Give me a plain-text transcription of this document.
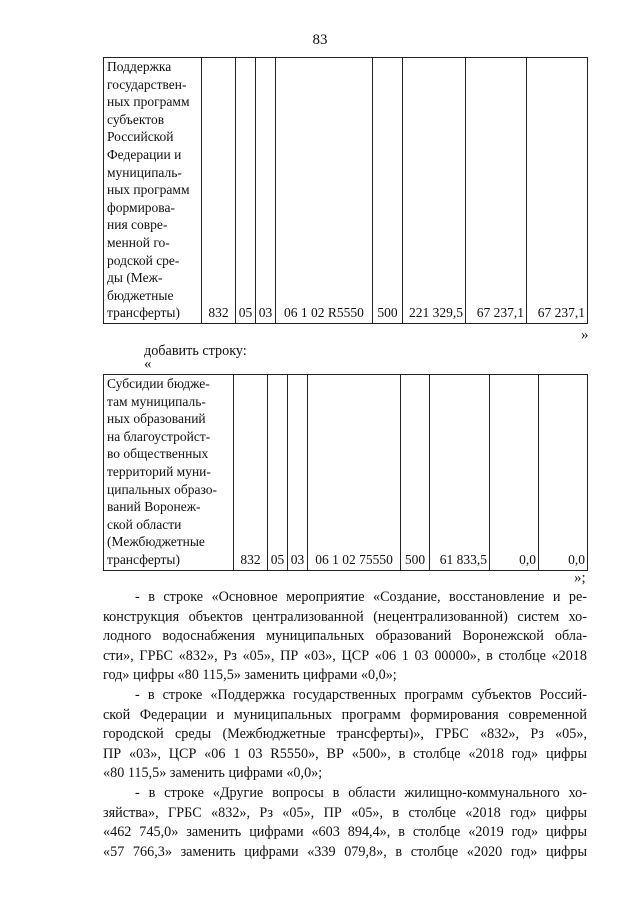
83
Поддержка
государствен-
ных программ
субъектов
Российской
Федерации и
муниципаль-
ных программ
формирова-
ния совре-
менной го-
родской сре-
ды (Меж-
бюджетные
трансферты)	832	05	03	06 1 02 R5550	500	221 329,5	67 237,1	67 237,1
»
добавить строку:
«
Субсидии бюдже-
там муниципаль-
ных образований
на благоустройст-
во общественных
территорий муни-
ципальных образо-
ваний Воронеж-
ской области
(Межбюджетные
трансферты)	832	05	03	06 1 02 75550	500	61 833,5	0,0	0,0
»;

- в строке «Основное мероприятие «Создание, восстановление и ре-

конструкция объектов централизованной (нецентрализованной) систем хо-

лодного водоснабжения муниципальных образований Воронежской обла-

сти», ГРБС «832», Рз «05», ПР «03», ЦСР «06 1 03 00000», в столбце «2018

год» цифры «80 115,5» заменить цифрами «0,0»;

- в строке «Поддержка государственных программ субъектов Россий-

ской Федерации и муниципальных программ формирования современной

городской среды (Межбюджетные трансферты)», ГРБС «832», Рз «05»,

ПР «03», ЦСР «06 1 03 R5550», ВР «500», в столбце «2018 год» цифры

«80 115,5» заменить цифрами «0,0»;

- в строке «Другие вопросы в области жилищно-коммунального хо-

зяйства», ГРБС «832», Рз «05», ПР «05», в столбце «2018 год» цифры

«462 745,0» заменить цифрами «603 894,4», в столбце «2019 год» цифры

«57 766,3» заменить цифрами «339 079,8», в столбце «2020 год» цифры
